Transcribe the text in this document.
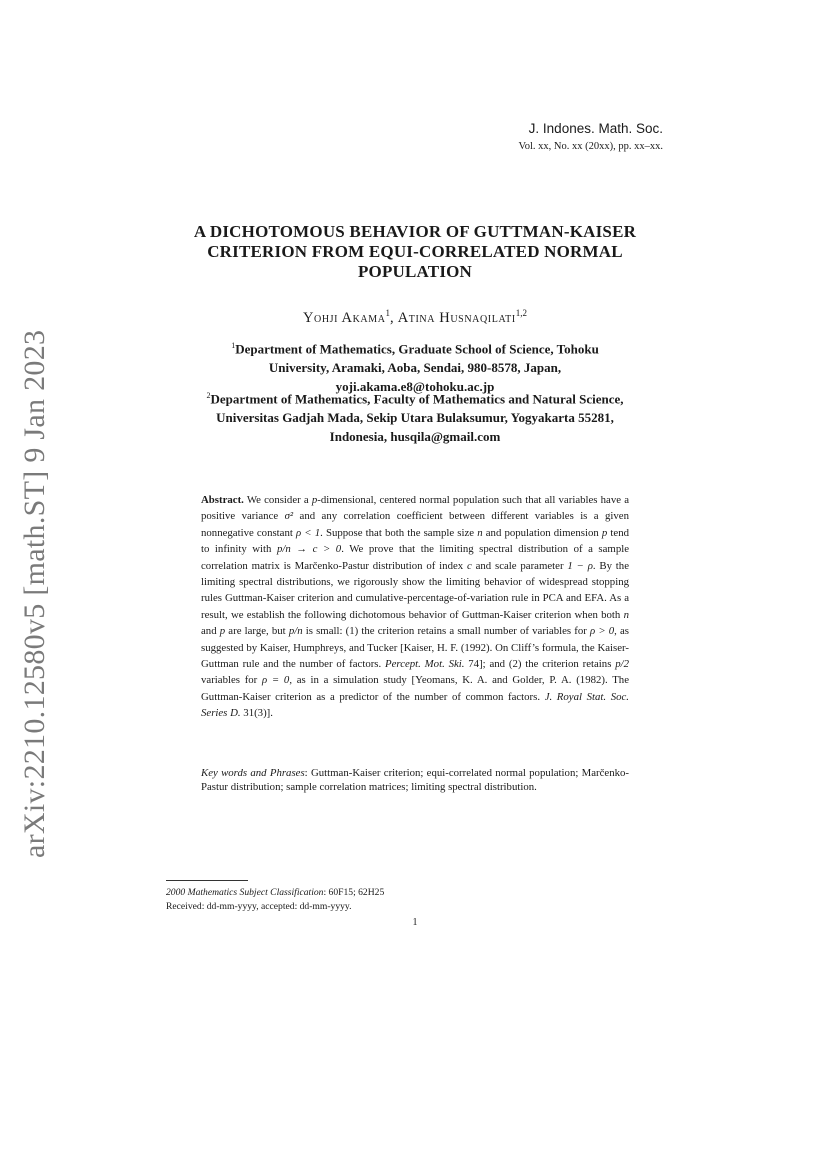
arXiv:2210.12580v5 [math.ST] 9 Jan 2023
J. Indones. Math. Soc.
Vol. xx, No. xx (20xx), pp. xx–xx.
A DICHOTOMOUS BEHAVIOR OF GUTTMAN-KAISER
CRITERION FROM EQUI-CORRELATED NORMAL
POPULATION
Yohji Akama$^1$, Atina Husnaqilati$^{1,2}$
$^1$Department of Mathematics, Graduate School of Science, Tohoku
University, Aramaki, Aoba, Sendai, 980-8578, Japan,
yoji.akama.e8@tohoku.ac.jp
$^2$Department of Mathematics, Faculty of Mathematics and Natural Science,
Universitas Gadjah Mada, Sekip Utara Bulaksumur, Yogyakarta 55281,
Indonesia, husqila@gmail.com
Abstract. We consider a p-dimensional, centered normal population such that all variables have a positive variance σ² and any correlation coefficient between different variables is a given nonnegative constant ρ < 1. Suppose that both the sample size n and population dimension p tend to infinity with p/n → c > 0. We prove that the limiting spectral distribution of a sample correlation matrix is Marčenko-Pastur distribution of index c and scale parameter 1 − ρ. By the limiting spectral distributions, we rigorously show the limiting behavior of widespread stopping rules Guttman-Kaiser criterion and cumulative-percentage-of-variation rule in PCA and EFA. As a result, we establish the following dichotomous behavior of Guttman-Kaiser criterion when both n and p are large, but p/n is small: (1) the criterion retains a small number of variables for ρ > 0, as suggested by Kaiser, Humphreys, and Tucker [Kaiser, H. F. (1992). On Cliff’s formula, the Kaiser-Guttman rule and the number of factors. Percept. Mot. Ski. 74]; and (2) the criterion retains p/2 variables for ρ = 0, as in a simulation study [Yeomans, K. A. and Golder, P. A. (1982). The Guttman-Kaiser criterion as a predictor of the number of common factors. J. Royal Stat. Soc. Series D. 31(3)].
Key words and Phrases: Guttman-Kaiser criterion; equi-correlated normal population; Marčenko-Pastur distribution; sample correlation matrices; limiting spectral distribution.
2000 Mathematics Subject Classification: 60F15; 62H25
Received: dd-mm-yyyy, accepted: dd-mm-yyyy.
1
